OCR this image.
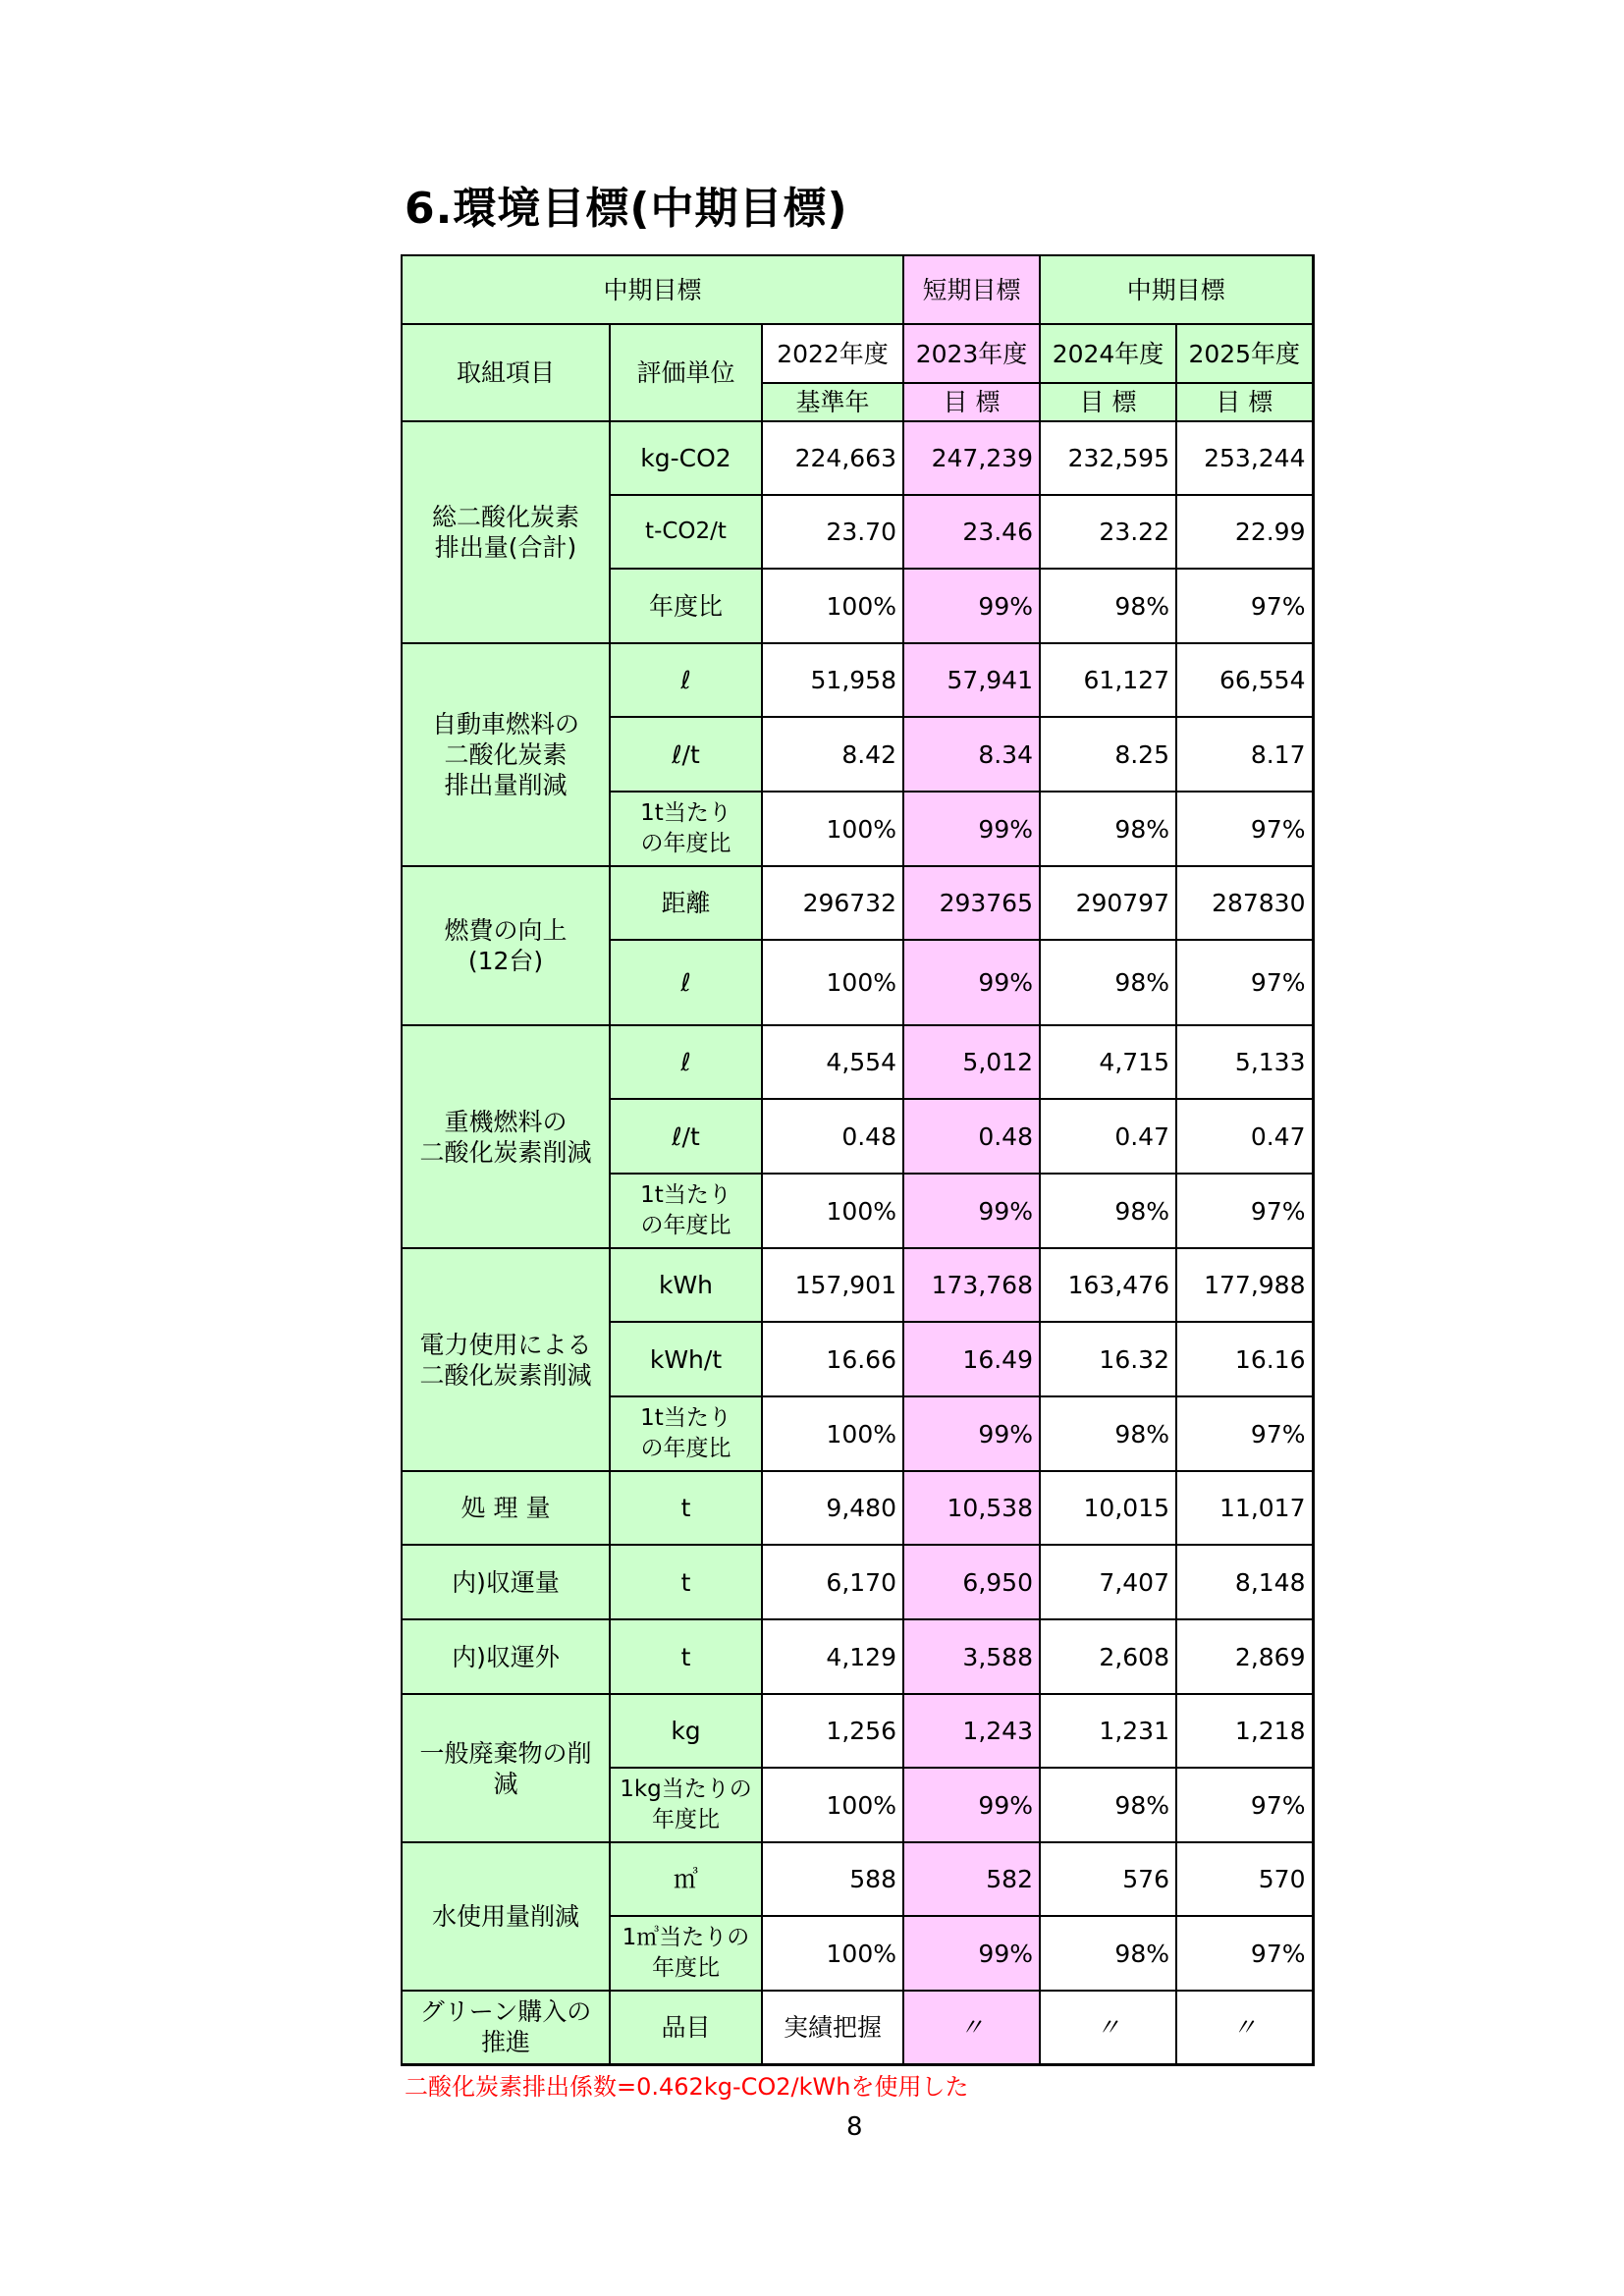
6.環境目標(中期目標)
中期目標			短期目標	中期目標	
取組項目	評価単位	2022年度	2023年度	2024年度	2025年度
		基準年	目 標	目 標	目 標
総二酸化炭素
排出量(合計)	kg-CO2	224,663	247,239	232,595	253,244
	t-CO2/t	23.70	23.46	23.22	22.99
	年度比	100%	99%	98%	97%
自動車燃料の
二酸化炭素
排出量削減	ℓ	51,958	57,941	61,127	66,554
	ℓ/t	8.42	8.34	8.25	8.17
	1t当たり
の年度比	100%	99%	98%	97%
燃費の向上
(12台)	距離	296732	293765	290797	287830
	ℓ	100%	99%	98%	97%
重機燃料の
二酸化炭素削減	ℓ	4,554	5,012	4,715	5,133
	ℓ/t	0.48	0.48	0.47	0.47
	1t当たり
の年度比	100%	99%	98%	97%
電力使用による
二酸化炭素削減	kWh	157,901	173,768	163,476	177,988
	kWh/t	16.66	16.49	16.32	16.16
	1t当たり
の年度比	100%	99%	98%	97%
処 理 量	t	9,480	10,538	10,015	11,017
内)収運量	t	6,170	6,950	7,407	8,148
内)収運外	t	4,129	3,588	2,608	2,869
一般廃棄物の削
減	kg	1,256	1,243	1,231	1,218
	1kg当たりの
年度比	100%	99%	98%	97%
水使用量削減	㎥	588	582	576	570
	1㎥当たりの
年度比	100%	99%	98%	97%
グリーン購入の
推進	品目	実績把握	〃	〃	〃
二酸化炭素排出係数=0.462kg-CO2/kWhを使用した
8
